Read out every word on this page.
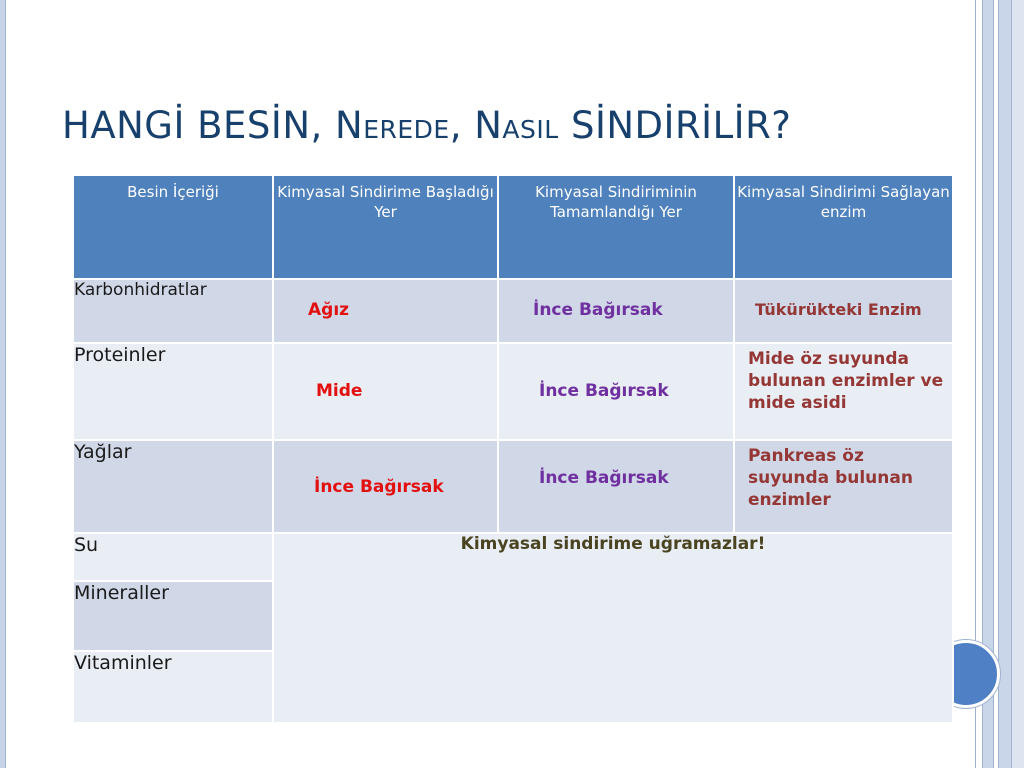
HANGİ BESİN, NEREDE, NASIL SİNDİRİLİR?
Besin İçeriği	Kimyasal Sindirime Başladığı Yer	Kimyasal Sindiriminin Tamamlandığı Yer	Kimyasal Sindirimi Sağlayan enzim
Karbonhidratlar	Ağız	İnce Bağırsak	Tükürükteki Enzim

Proteinler	Mide	İnce Bağırsak	Mide öz suyunda bulunan enzimler ve mide asidi

Yağlar	İnce Bağırsak	İnce Bağırsak	Pankreas öz suyunda bulunan enzimler

Su	Kimyasal sindirime uğramazlar!		
Mineraller			
Vitaminler			
